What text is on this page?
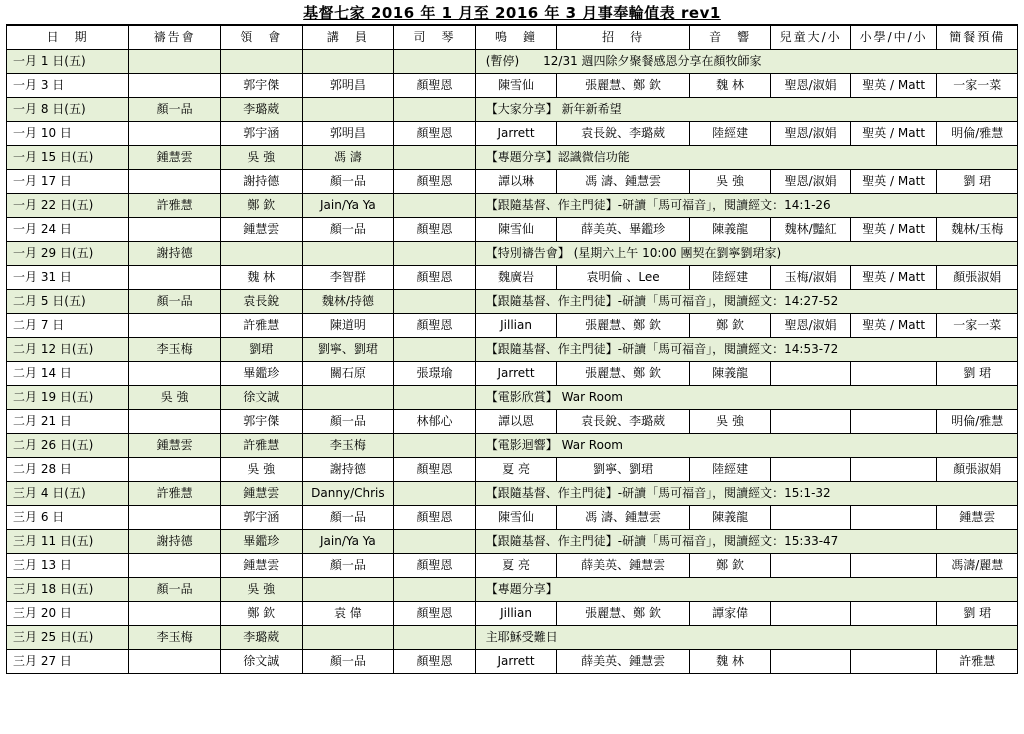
基督七家 2016 年 1 月至 2016 年 3 月事奉輪值表 rev1
日　期	禱告會	領　會	講　員	司　琴	鳴　鐘	招　待	音　響	兒童大/小	小學/中/小	簡餐預備
一月 1 日(五)					(暫停)　　12/31 週四除夕聚餐感恩分享在顏牧師家					
一月 3 日		郭宇傑	郭明昌	顏聖恩	陳雪仙	張麗慧、鄭 欽	魏 林	聖恩/淑娟	聖英 / Matt	一家一菜
一月 8 日(五)	顏一品	李璐葳			【大家分享】 新年新希望					
一月 10 日		郭宇涵	郭明昌	顏聖恩	Jarrett	袁長銳、李璐葳	陸經建	聖恩/淑娟	聖英 / Matt	明倫/雅慧
一月 15 日(五)	鍾慧雲	吳 強	馮 濤		【專題分享】認識微信功能					
一月 17 日		謝持德	顏一品	顏聖恩	譚以琳	馮 濤、鍾慧雲	吳 強	聖恩/淑娟	聖英 / Matt	劉 珺
一月 22 日(五)	許雅慧	鄭 欽	Jain/Ya Ya		【跟隨基督、作主門徒】-研讀「馬可福音」，閱讀經文：14:1-26					
一月 24 日		鍾慧雲	顏一品	顏聖恩	陳雪仙	薛美英、畢鑑珍	陳義龍	魏林/豔紅	聖英 / Matt	魏林/玉梅
一月 29 日(五)	謝持德				【特別禱告會】 (星期六上午 10:00 團契在劉寧劉珺家)					
一月 31 日		魏 林	李智群	顏聖恩	魏廣岩	袁明倫 、Lee	陸經建	玉梅/淑娟	聖英 / Matt	顏張淑娟
二月 5 日(五)	顏一品	袁長銳	魏林/持德		【跟隨基督、作主門徒】-研讀「馬可福音」，閱讀經文：14:27-52					
二月 7 日		許雅慧	陳道明	顏聖恩	Jillian	張麗慧、鄭 欽	鄭 欽	聖恩/淑娟	聖英 / Matt	一家一菜
二月 12 日(五)	李玉梅	劉珺	劉寧、劉珺		【跟隨基督、作主門徒】-研讀「馬可福音」，閱讀經文：14:53-72					
二月 14 日		畢鑑珍	關石原	張璟瑜	Jarrett	張麗慧、鄭 欽	陳義龍			劉 珺
二月 19 日(五)	吳 強	徐文誠			【電影欣賞】 War Room					
二月 21 日		郭宇傑	顏一品	林郁心	譚以恩	袁長銳、李璐葳	吳 強			明倫/雅慧
二月 26 日(五)	鍾慧雲	許雅慧	李玉梅		【電影迴響】 War Room					
二月 28 日		吳 強	謝持德	顏聖恩	夏 亮	劉寧、劉珺	陸經建			顏張淑娟
三月 4 日(五)	許雅慧	鍾慧雲	Danny/Chris		【跟隨基督、作主門徒】-研讀「馬可福音」，閱讀經文：15:1-32					
三月 6 日		郭宇涵	顏一品	顏聖恩	陳雪仙	馮 濤、鍾慧雲	陳義龍			鍾慧雲
三月 11 日(五)	謝持德	畢鑑珍	Jain/Ya Ya		【跟隨基督、作主門徒】-研讀「馬可福音」，閱讀經文：15:33-47					
三月 13 日		鍾慧雲	顏一品	顏聖恩	夏 亮	薛美英、鍾慧雲	鄭 欽			馮濤/麗慧
三月 18 日(五)	顏一品	吳 強			【專題分享】					
三月 20 日		鄭 欽	袁 偉	顏聖恩	Jillian	張麗慧、鄭 欽	譚家偉			劉 珺
三月 25 日(五)	李玉梅	李璐葳			主耶穌受難日					
三月 27 日		徐文誠	顏一品	顏聖恩	Jarrett	薛美英、鍾慧雲	魏 林			許雅慧
